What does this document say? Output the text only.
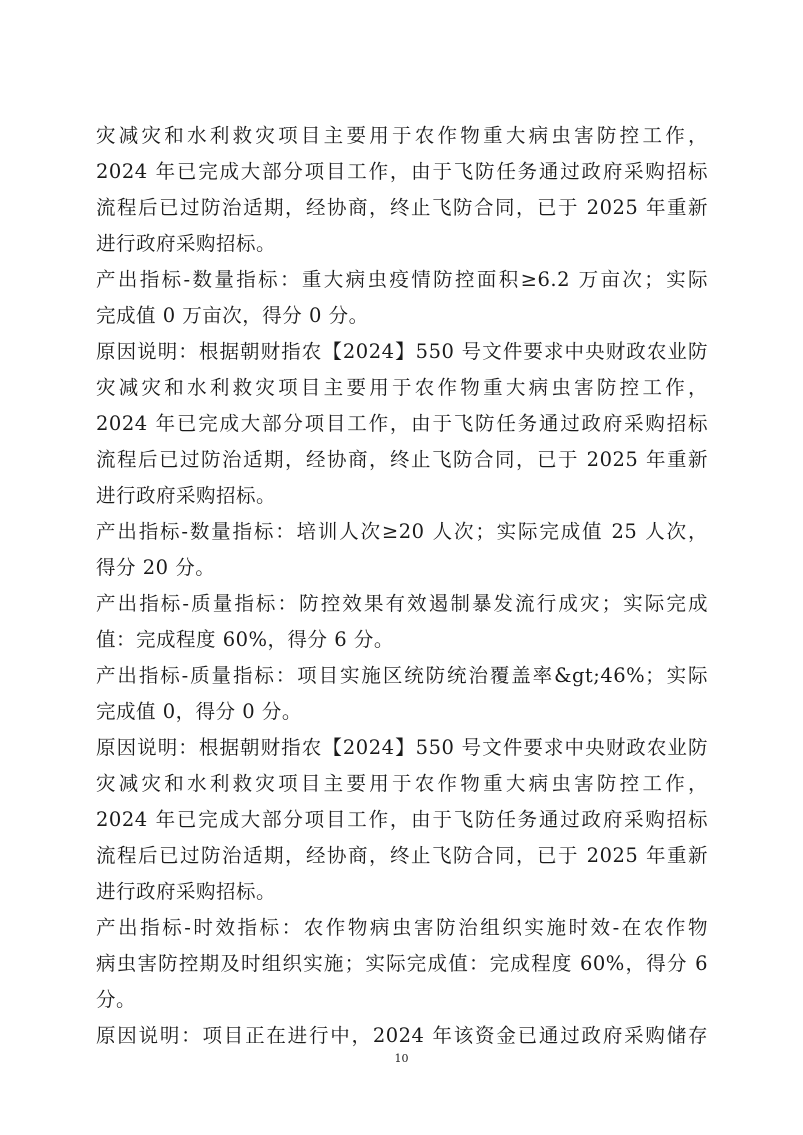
灾减灾和水利救灾项目主要用于农作物重大病虫害防控工作，
2024 年已完成大部分项目工作，由于飞防任务通过政府采购招标
流程后已过防治适期，经协商，终止飞防合同，已于 2025 年重新
进行政府采购招标。
产出指标-数量指标：重大病虫疫情防控面积≥6.2 万亩次；实际
完成值 0 万亩次，得分 0 分。
原因说明：根据朝财指农【2024】550 号文件要求中央财政农业防
灾减灾和水利救灾项目主要用于农作物重大病虫害防控工作，
2024 年已完成大部分项目工作，由于飞防任务通过政府采购招标
流程后已过防治适期，经协商，终止飞防合同，已于 2025 年重新
进行政府采购招标。
产出指标-数量指标：培训人次≥20 人次；实际完成值 25 人次，
得分 20 分。
产出指标-质量指标：防控效果有效遏制暴发流行成灾；实际完成
值：完成程度 60%，得分 6 分。
产出指标-质量指标：项目实施区统防统治覆盖率&gt;46%；实际
完成值 0，得分 0 分。
原因说明：根据朝财指农【2024】550 号文件要求中央财政农业防
灾减灾和水利救灾项目主要用于农作物重大病虫害防控工作，
2024 年已完成大部分项目工作，由于飞防任务通过政府采购招标
流程后已过防治适期，经协商，终止飞防合同，已于 2025 年重新
进行政府采购招标。
产出指标-时效指标：农作物病虫害防治组织实施时效-在农作物
病虫害防控期及时组织实施；实际完成值：完成程度 60%，得分 6
分。
原因说明：项目正在进行中，2024 年该资金已通过政府采购储存
10
